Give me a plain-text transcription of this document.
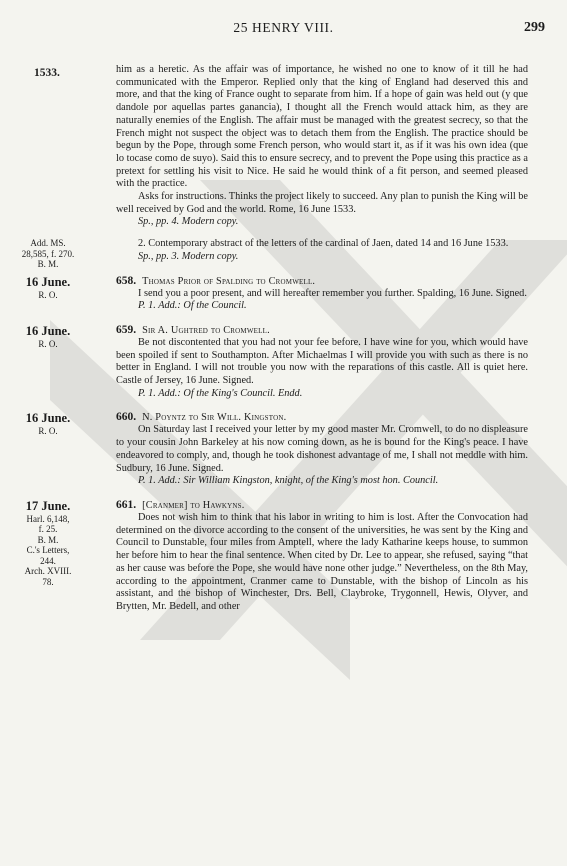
25 HENRY VIII.	299
1533.	him as a heretic. As the affair was of importance, he wished no one to know of it till he had communicated with the Emperor. Replied only that the king of England had deserved this and more, and that the king of France ought to separate from him. If a hope of gain was held out (y que dandole por aquellas partes ganancia), I thought all the French would attack him, as they are naturally enemies of the English. The affair must be managed with the greatest secrecy, so that the French might not suspect the object was to detach them from the English. The practice should be begun by the Pope, through some French person, who would start it, as if it was his own idea (que lo tocase como de suyo). Said this to ensure secrecy, and to prevent the Pope using this practice as a pretext for settling his visit to Nice. He said he would think of a fit person, and seemed pleased with the practice.

Asks for instructions. Thinks the project likely to succeed. Any plan to punish the King will be well received by God and the world. Rome, 16 June 1533.

Sp., pp. 4. Modern copy.

Add. MS.
28,585, f. 270.
B. M.

2. Contemporary abstract of the letters of the cardinal of Jaen, dated 14 and 16 June 1533.

Sp., pp. 3. Modern copy.

16 June.
R. O.

658. Thomas Prior of Spalding to Cromwell.

I send you a poor present, and will hereafter remember you further. Spalding, 16 June. Signed.

P. 1. Add.: Of the Council.

16 June.
R. O.

659. Sir A. Ughtred to Cromwell.

Be not discontented that you had not your fee before. I have wine for you, which would have been spoiled if sent to Southampton. After Michaelmas I will provide you with such as there is no better in England. I will not trouble you now with the reparations of this castle. All is quiet here. Castle of Jersey, 16 June. Signed.

P. 1. Add.: Of the King's Council. Endd.

16 June.
R. O.

660. N. Poyntz to Sir Will. Kingston.

On Saturday last I received your letter by my good master Mr. Cromwell, to do no displeasure to your cousin John Barkeley at his now coming down, as he is bound for the King's peace. I have endeavored to comply, and, though he took dishonest advantage of me, I shall not meddle with him. Sudbury, 16 June. Signed.

P. 1. Add.: Sir William Kingston, knight, of the King's most hon. Council.

17 June.
Harl. 6,148,
f. 25.
B. M.
C.'s Letters,
244.
Arch. XVIII.
78.

661. [Cranmer] to Hawkyns.

Does not wish him to think that his labor in writing to him is lost. After the Convocation had determined on the divorce according to the consent of the universities, he was sent by the King and Council to Dunstable, four miles from Amptell, where the lady Katharine keeps house, to summon her before him to hear the final sentence. When cited by Dr. Lee to appear, she refused, saying “that as her cause was before the Pope, she would have none other judge.” Nevertheless, on the 8th May, according to the appointment, Cranmer came to Dunstable, with the bishop of Lincoln as his assistant, and the bishop of Winchester, Drs. Bell, Claybroke, Trygonnell, Hewis, Olyver, and Brytten, Mr. Bedell, and other
